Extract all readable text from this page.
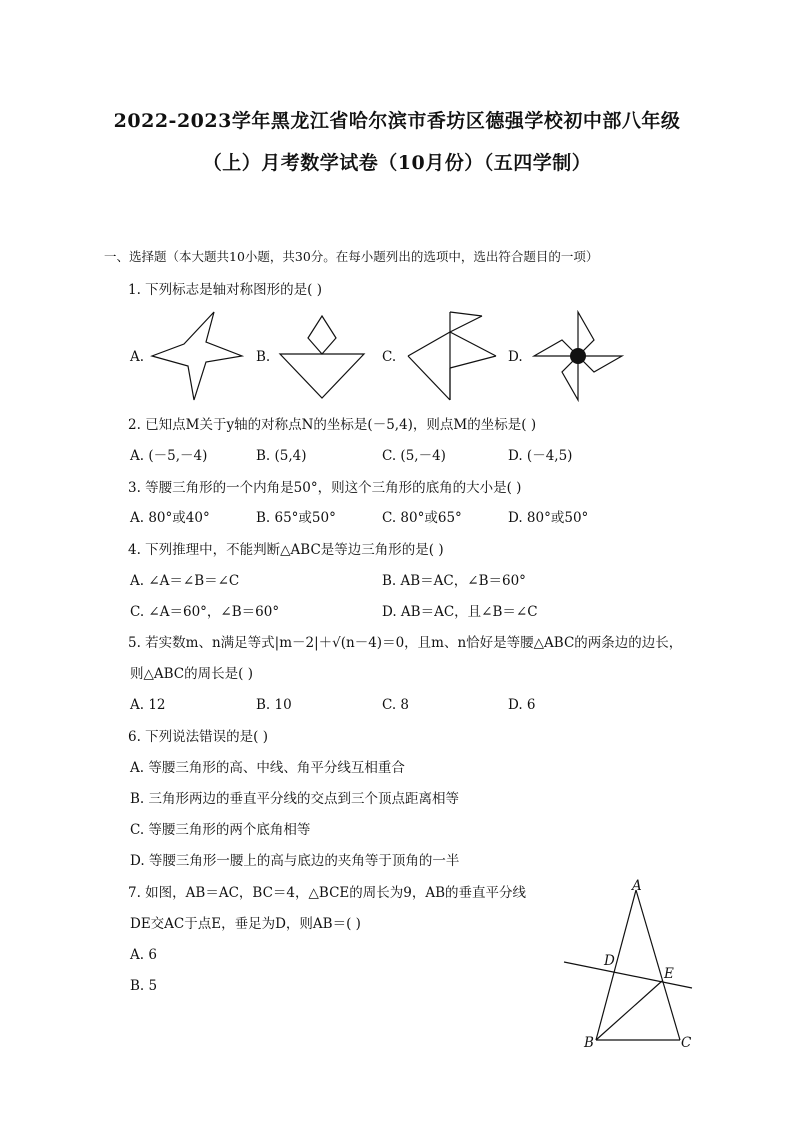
2022-2023学年黑龙江省哈尔滨市香坊区德强学校初中部八年级
（上）月考数学试卷（10月份）（五四学制）
一、选择题（本大题共10小题，共30分。在每小题列出的选项中，选出符合题目的一项）
1. 下列标志是轴对称图形的是( )
A.	B.	C.	D.
2. 已知点M关于y轴的对称点N的坐标是(－5,4)，则点M的坐标是( )
A. (－5,－4)	B. (5,4)	C. (5,－4)	D. (－4,5)
3. 等腰三角形的一个内角是50°，则这个三角形的底角的大小是( )
A. 80°或40°	B. 65°或50°	C. 80°或65°	D. 80°或50°
4. 下列推理中，不能判断△ABC是等边三角形的是( )
A. ∠A＝∠B＝∠C	B. AB＝AC，∠B＝60°
C. ∠A＝60°，∠B＝60°	D. AB＝AC，且∠B＝∠C
5. 若实数m、n满足等式|m－2|＋√(n－4)＝0，且m、n恰好是等腰△ABC的两条边的边长，
则△ABC的周长是( )
A. 12	B. 10	C. 8	D. 6
6. 下列说法错误的是( )
A. 等腰三角形的高、中线、角平分线互相重合
B. 三角形两边的垂直平分线的交点到三个顶点距离相等
C. 等腰三角形的两个底角相等
D. 等腰三角形一腰上的高与底边的夹角等于顶角的一半
7. 如图，AB＝AC，BC＝4，△BCE的周长为9，AB的垂直平分线
DE交AC于点E，垂足为D，则AB＝( )
A. 6
B. 5
A
D
E
B	C
